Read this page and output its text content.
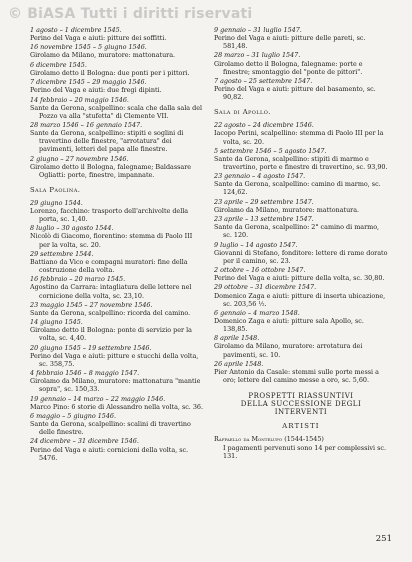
© BiASA Tutti i diritti riservati
1 agosto – 1 dicembre 1545.
Perino del Vaga e aiuti: pitture dei soffitti.
16 novembre 1545 – 5 giugno 1546.
Girolamo da Milano, muratore: mattonatura.
6 dicembre 1545.
Girolamo detto il Bologna: due ponti per i pittori.
7 dicembre 1545 – 29 maggio 1546.
Perino del Vaga e aiuti: due fregi dipinti.
14 febbraio – 20 maggio 1546.
Sante da Gerona, scalpellino: scala che dalla sala del Pozzo va alla "stufetta" di Clemente VII.
28 marzo 1546 – 16 gennaio 1547.
Sante da Gerona, scalpellino: stipiti e soglini di travertino delle finestre, "arrotatura" dei pavimenti, letteri del papa alle finestre.
2 giugno – 27 novembre 1546.
Girolamo detto il Bologna, falegname; Baldassare Ogliatti: porte, finestre, impannate.
Sala Paolina.
29 giugno 1544.
Lorenzo, facchino: trasporto dell'archivolte della porta, sc. 1,40.
8 luglio – 30 agosto 1544.
Nicolò di Giacomo, fiorentino: stemma di Paolo III per la volta, sc. 20.
29 settembre 1544.
Battiano da Vico e compagni muratori: fine della costruzione della volta.
16 febbraio – 20 marzo 1545.
Agostino da Carrara: intagliatura delle lettere nel cornicione della volta, sc. 23,10.
23 maggio 1545 – 27 novembre 1546.
Sante da Gerona, scalpellino: ricorda del camino.
14 giugno 1545.
Girolamo detto il Bologna: ponte di servizio per la volta, sc. 4,40.
20 giugno 1545 – 19 settembre 1546.
Perino del Vaga e aiuti: pitture e stucchi della volta, sc. 358,75.
4 febbraio 1546 – 8 maggio 1547.
Girolamo da Milano, muratore: mattonatura "mantie sopra", sc. 150,33.
19 gennaio – 14 marzo – 22 maggio 1546.
Marco Pino: 6 storie di Alessandro nella volta, sc. 36.
6 maggio – 5 giugno 1546.
Sante da Gerona, scalpellino: scalini di travertino delle finestre.
24 dicembre – 31 dicembre 1546.
Perino del Vaga e aiuti: cornicioni della volta, sc. 5476.
9 gennaio – 31 luglio 1547.
Perino del Vaga e aiuti: pitture delle pareti, sc. 581,48.
28 marzo – 31 luglio 1547.
Girolamo detto il Bologna, falegname: porte e finestre; smontaggio del "ponte de pittori".
7 agosto – 25 settembre 1547.
Perino del Vaga e aiuti: pitture del basamento, sc. 90,82.
Sala di Apollo.
22 agosto – 24 dicembre 1546.
Iacopo Perini, scalpellino: stemma di Paolo III per la volta, sc. 20.
5 settembre 1546 – 5 agosto 1547.
Sante da Gerona, scalpellino: stipiti di marmo e travertino, porte e finestre di travertino, sc. 93,90.
23 gennaio – 4 agosto 1547.
Sante da Gerona, scalpellino: camino di marmo, sc. 124,62.
23 aprile – 29 settembre 1547.
Girolamo da Milano, muratore: mattonatura.
23 aprile – 13 settembre 1547.
Sante da Gerona, scalpellino: 2° camino di marmo, sc. 120.
9 luglio – 14 agosto 1547.
Giovanni di Stefano, fonditore: lettere di rame dorato per il camino, sc. 23.
2 ottobre – 16 ottobre 1547.
Perino del Vaga e aiuti: pitture della volta, sc. 30,80.
29 ottobre – 31 dicembre 1547.
Domenico Zaga e aiuti: pitture di inserta ubicazione, sc. 203,56 ½.
6 gennaio – 4 marzo 1548.
Domenico Zaga e aiuti: pitture sala Apollo, sc. 138,85.
8 aprile 1548.
Girolamo da Milano, muratore: arrotatura dei pavimenti, sc. 10.
26 aprile 1548.
Pier Antonio da Casale: stemmi sulle porte messi a oro; lettere del camino messe a oro, sc. 5,60.
PROSPETTI RIASSUNTIVI
DELLA SUCCESSIONE DEGLI INTERVENTI
ARTISTI
Raffaello da Montelupo (1544-1545)
I pagamenti pervenuti sono 14 per complessivi sc. 131.
251
